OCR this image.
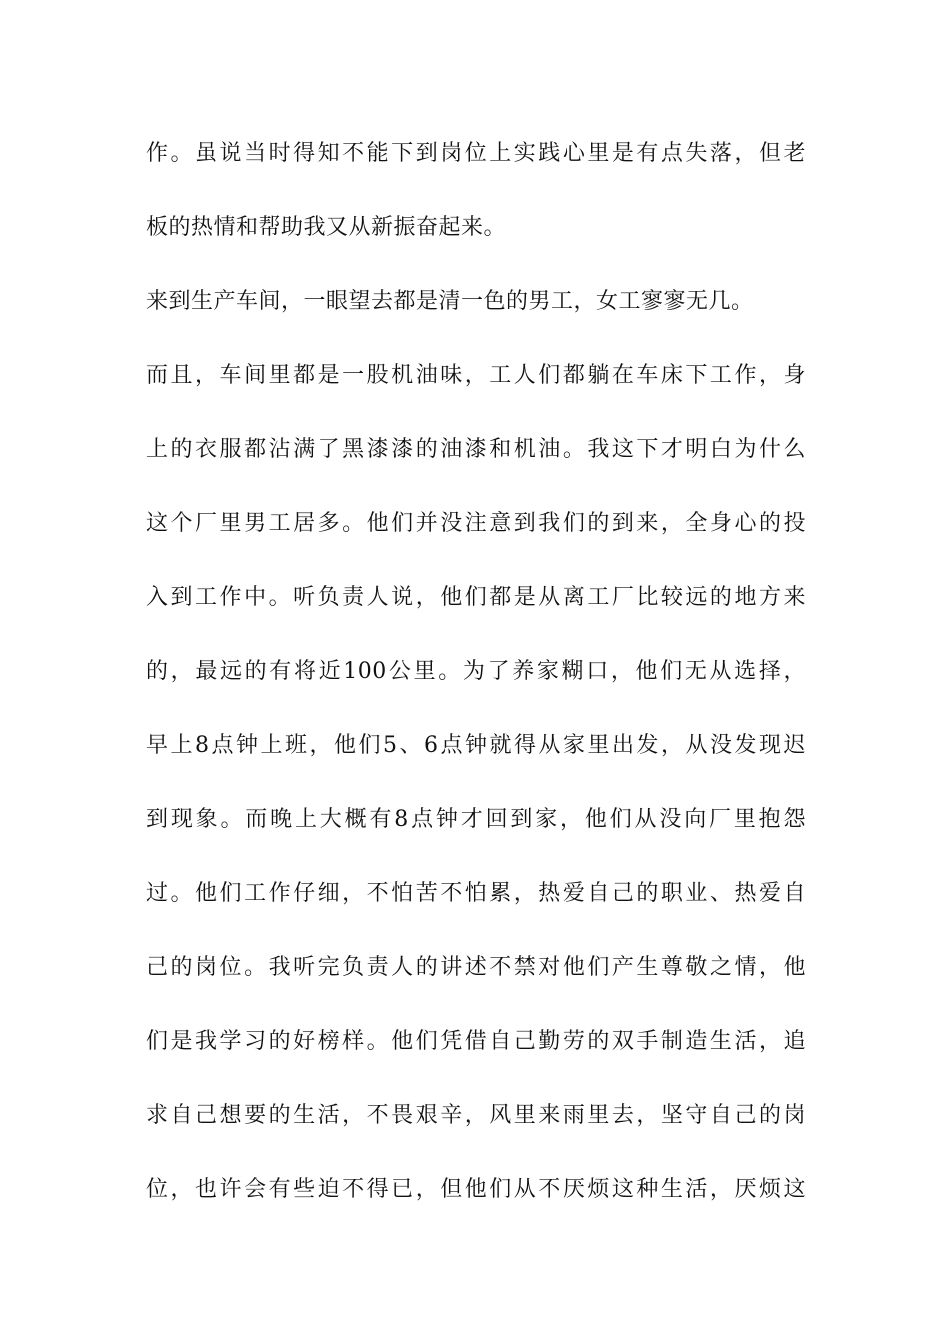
作。虽说当时得知不能下到岗位上实践心里是有点失落，但老
板的热情和帮助我又从新振奋起来。
来到生产车间，一眼望去都是清一色的男工，女工寥寥无几。
而且，车间里都是一股机油味，工人们都躺在车床下工作，身
上的衣服都沾满了黑漆漆的油漆和机油。我这下才明白为什么
这个厂里男工居多。他们并没注意到我们的到来，全身心的投
入到工作中。听负责人说，他们都是从离工厂比较远的地方来
的，最远的有将近100公里。为了养家糊口，他们无从选择，
早上8点钟上班，他们5、6点钟就得从家里出发，从没发现迟
到现象。而晚上大概有8点钟才回到家，他们从没向厂里抱怨
过。他们工作仔细，不怕苦不怕累，热爱自己的职业、热爱自
己的岗位。我听完负责人的讲述不禁对他们产生尊敬之情，他
们是我学习的好榜样。他们凭借自己勤劳的双手制造生活，追
求自己想要的生活，不畏艰辛，风里来雨里去，坚守自己的岗
位，也许会有些迫不得已，但他们从不厌烦这种生活，厌烦这
